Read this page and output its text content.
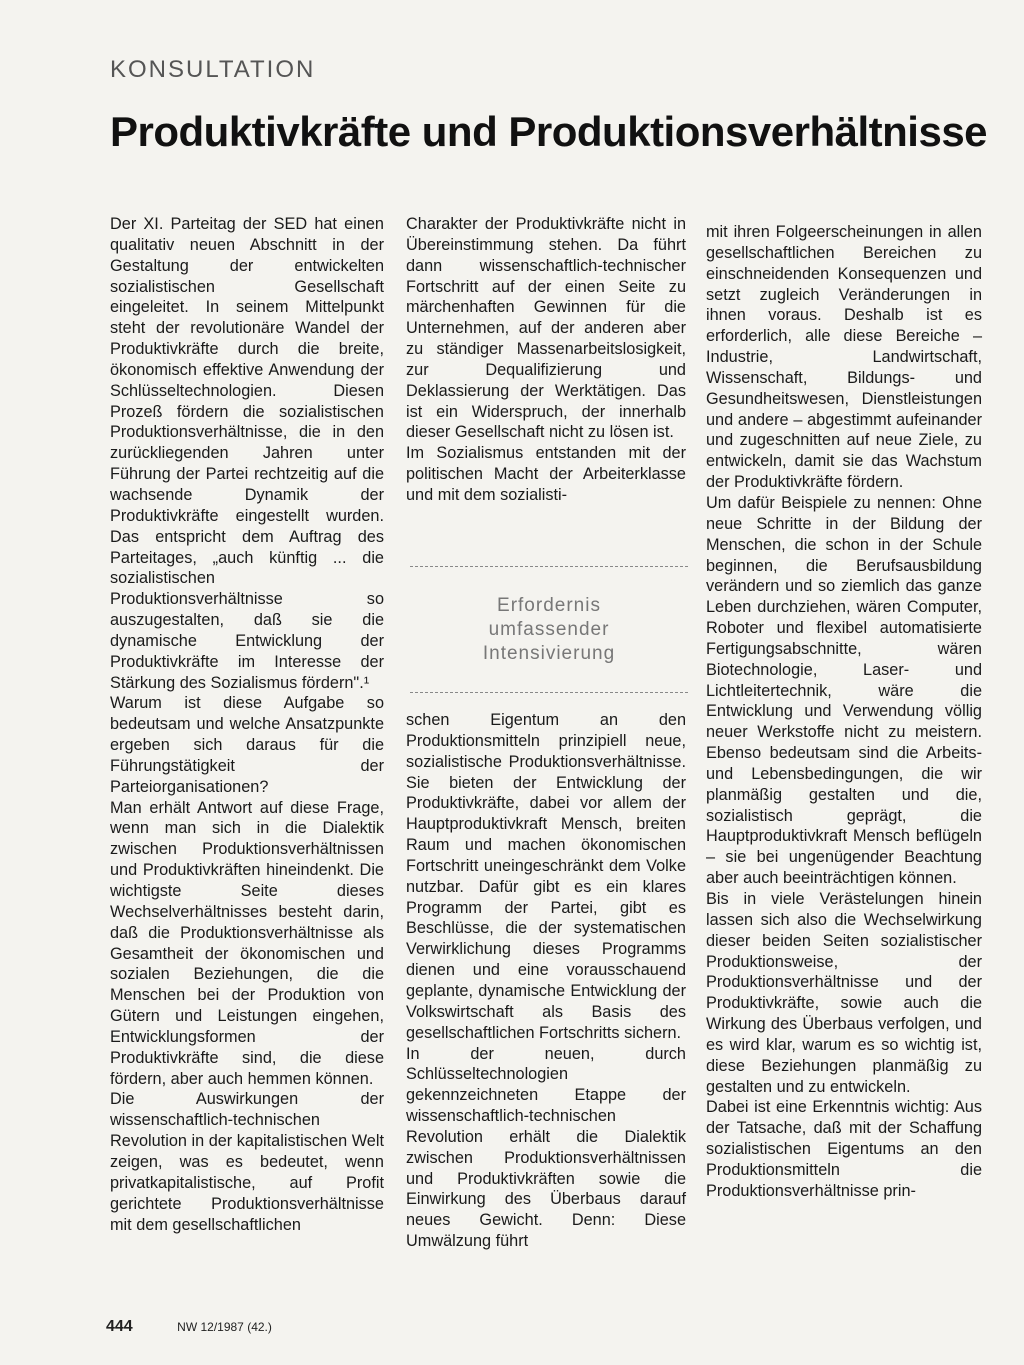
KONSULTATION
Produktivkräfte und Produktionsverhältnisse

Der XI. Parteitag der SED hat einen qualitativ neuen Abschnitt in der Gestaltung der entwickelten sozialistischen Gesellschaft eingeleitet. In seinem Mittelpunkt steht der revolutionäre Wandel der Produktivkräfte durch die breite, ökonomisch effektive Anwendung der Schlüsseltechnologien. Diesen Prozeß fördern die sozialistischen Produktionsverhältnisse, die in den zurückliegenden Jahren unter Führung der Partei rechtzeitig auf die wachsende Dynamik der Produktivkräfte eingestellt wurden. Das entspricht dem Auftrag des Parteitages, „auch künftig ... die sozialistischen Produktionsverhältnisse so auszugestalten, daß sie die dynamische Entwicklung der Produktivkräfte im Interesse der Stärkung des Sozialismus fördern".¹

Warum ist diese Aufgabe so bedeutsam und welche Ansatzpunkte ergeben sich daraus für die Führungstätigkeit der Parteiorganisationen?

Man erhält Antwort auf diese Frage, wenn man sich in die Dialektik zwischen Produktionsverhältnissen und Produktivkräften hineindenkt. Die wichtigste Seite dieses Wechselverhältnisses besteht darin, daß die Produktionsverhältnisse als Gesamtheit der ökonomischen und sozialen Beziehungen, die die Menschen bei der Produktion von Gütern und Leistungen eingehen, Entwicklungsformen der Produktivkräfte sind, die diese fördern, aber auch hemmen können.

Die Auswirkungen der wissenschaftlich-technischen Revolution in der kapitalistischen Welt zeigen, was es bedeutet, wenn privatkapitalistische, auf Profit gerichtete Produktionsverhältnisse mit dem gesellschaftlichen

Charakter der Produktivkräfte nicht in Übereinstimmung stehen. Da führt dann wissenschaftlich-technischer Fortschritt auf der einen Seite zu märchenhaften Gewinnen für die Unternehmen, auf der anderen aber zu ständiger Massenarbeitslosigkeit, zur Dequalifizierung und Deklassierung der Werktätigen. Das ist ein Widerspruch, der innerhalb dieser Gesellschaft nicht zu lösen ist.

Im Sozialismus entstanden mit der politischen Macht der Arbeiterklasse und mit dem sozialisti-

Erfordernis
umfassender
Intensivierung

schen Eigentum an den Produktionsmitteln prinzipiell neue, sozialistische Produktionsverhältnisse. Sie bieten der Entwicklung der Produktivkräfte, dabei vor allem der Hauptproduktivkraft Mensch, breiten Raum und machen ökonomischen Fortschritt uneingeschränkt dem Volke nutzbar. Dafür gibt es ein klares Programm der Partei, gibt es Beschlüsse, die der systematischen Verwirklichung dieses Programms dienen und eine vorausschauend geplante, dynamische Entwicklung der Volkswirtschaft als Basis des gesellschaftlichen Fortschritts sichern.

In der neuen, durch Schlüsseltechnologien gekennzeichneten Etappe der wissenschaftlich-technischen Revolution erhält die Dialektik zwischen Produktionsverhältnissen und Produktivkräften sowie die Einwirkung des Überbaus darauf neues Gewicht. Denn: Diese Umwälzung führt

mit ihren Folgeerscheinungen in allen gesellschaftlichen Bereichen zu einschneidenden Konsequenzen und setzt zugleich Veränderungen in ihnen voraus. Deshalb ist es erforderlich, alle diese Bereiche – Industrie, Landwirtschaft, Wissenschaft, Bildungs- und Gesundheitswesen, Dienstleistungen und andere – abgestimmt aufeinander und zugeschnitten auf neue Ziele, zu entwickeln, damit sie das Wachstum der Produktivkräfte fördern.

Um dafür Beispiele zu nennen: Ohne neue Schritte in der Bildung der Menschen, die schon in der Schule beginnen, die Berufsausbildung verändern und so ziemlich das ganze Leben durchziehen, wären Computer, Roboter und flexibel automatisierte Fertigungsabschnitte, wären Biotechnologie, Laser- und Lichtleitertechnik, wäre die Entwicklung und Verwendung völlig neuer Werkstoffe nicht zu meistern. Ebenso bedeutsam sind die Arbeits- und Lebensbedingungen, die wir planmäßig gestalten und die, sozialistisch geprägt, die Hauptproduktivkraft Mensch beflügeln – sie bei ungenügender Beachtung aber auch beeinträchtigen können.

Bis in viele Verästelungen hinein lassen sich also die Wechselwirkung dieser beiden Seiten sozialistischer Produktionsweise, der Produktionsverhältnisse und der Produktivkräfte, sowie auch die Wirkung des Überbaus verfolgen, und es wird klar, warum es so wichtig ist, diese Beziehungen planmäßig zu gestalten und zu entwickeln.

Dabei ist eine Erkenntnis wichtig: Aus der Tatsache, daß mit der Schaffung sozialistischen Eigentums an den Produktionsmitteln die Produktionsverhältnisse prin-

444	NW 12/1987 (42.)
